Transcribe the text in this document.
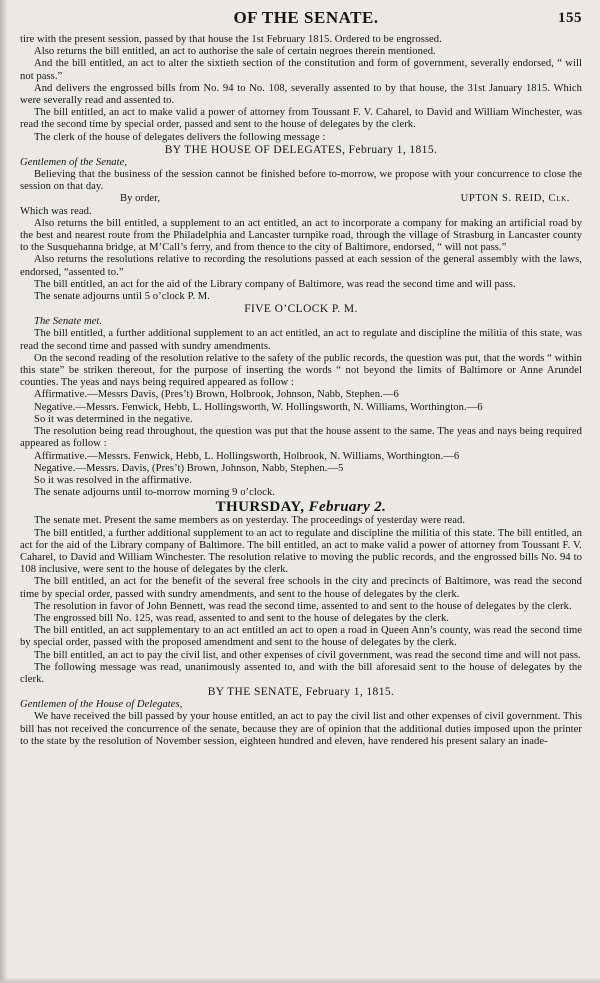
OF THE SENATE.	155

tire with the present session, passed by that house the 1st February 1815. Ordered to be engrossed.

Also returns the bill entitled, an act to authorise the sale of certain negroes therein mentioned.

And the bill entitled, an act to alter the sixtieth section of the constitution and form of government, severally endorsed, “ will not pass.”

And delivers the engrossed bills from No. 94 to No. 108, severally assented to by that house, the 31st January 1815. Which were severally read and assented to.

The bill entitled, an act to make valid a power of attorney from Toussant F. V. Caharel, to David and William Winchester, was read the second time by special order, passed and sent to the house of delegates by the clerk.

The clerk of the house of delegates delivers the following message :

BY THE HOUSE OF DELEGATES, February 1, 1815.

Gentlemen of the Senate,

Believing that the business of the session cannot be finished before to-morrow, we propose with your concurrence to close the session on that day.

By order,	UPTON S. REID, Clk.

Which was read.

Also returns the bill entitled, a supplement to an act entitled, an act to incorporate a company for making an artificial road by the best and nearest route from the Philadelphia and Lancaster turnpike road, through the village of Strasburg in Lancaster county to the Susquehanna bridge, at M’Call’s ferry, and from thence to the city of Baltimore, endorsed, “ will not pass.”

Also returns the resolutions relative to recording the resolutions passed at each session of the general assembly with the laws, endorsed, “assented to.”

The bill entitled, an act for the aid of the Library company of Baltimore, was read the second time and will pass.

The senate adjourns until 5 o’clock P. M.

FIVE O’CLOCK P. M.

The Senate met.

The bill entitled, a further additional supplement to an act entitled, an act to regulate and discipline the militia of this state, was read the second time and passed with sundry amendments.

On the second reading of the resolution relative to the safety of the public records, the question was put, that the words “ within this state” be striken thereout, for the purpose of inserting the words “ not beyond the limits of Baltimore or Anne Arundel counties. The yeas and nays being required appeared as follow :

Affirmative.—Messrs Davis, (Pres’t) Brown, Holbrook, Johnson, Nabb, Stephen.—6

Negative.—Messrs. Fenwick, Hebb, L. Hollingsworth, W. Hollingsworth, N. Williams, Worthington.—6

So it was determined in the negative.

The resolution being read throughout, the question was put that the house assent to the same. The yeas and nays being required appeared as follow :

Affirmative.—Messrs. Fenwick, Hebb, L. Hollingsworth, Holbrook, N. Williams, Worthington.—6

Negative.—Messrs. Davis, (Pres’t) Brown, Johnson, Nabb, Stephen.—5

So it was resolved in the affirmative.

The senate adjourns until to-morrow morning 9 o’clock.

THURSDAY, February 2.

The senate met. Present the same members as on yesterday. The proceedings of yesterday were read.

The bill entitled, a further additional supplement to an act to regulate and discipline the militia of this state. The bill entitled, an act for the aid of the Library company of Baltimore. The bill entitled, an act to make valid a power of attorney from Toussant F. V. Caharel, to David and William Winchester. The resolution relative to moving the public records, and the engrossed bills No. 94 to 108 inclusive, were sent to the house of delegates by the clerk.

The bill entitled, an act for the benefit of the several free schools in the city and precincts of Baltimore, was read the second time by special order, passed with sundry amendments, and sent to the house of delegates by the clerk.

The resolution in favor of John Bennett, was read the second time, assented to and sent to the house of delegates by the clerk.

The engrossed bill No. 125, was read, assented to and sent to the house of delegates by the clerk.

The bill entitled, an act supplementary to an act entitled an act to open a road in Queen Ann’s county, was read the second time by special order, passed with the proposed amendment and sent to the house of delegates by the clerk.

The bill entitled, an act to pay the civil list, and other expenses of civil government, was read the second time and will not pass.

The following message was read, unanimously assented to, and with the bill aforesaid sent to the house of delegates by the clerk.

BY THE SENATE, February 1, 1815.

Gentlemen of the House of Delegates,

We have received the bill passed by your house entitled, an act to pay the civil list and other expenses of civil government. This bill has not received the concurrence of the senate, because they are of opinion that the additional duties imposed upon the printer to the state by the resolution of November session, eighteen hundred and eleven, have rendered his present salary an inade-
